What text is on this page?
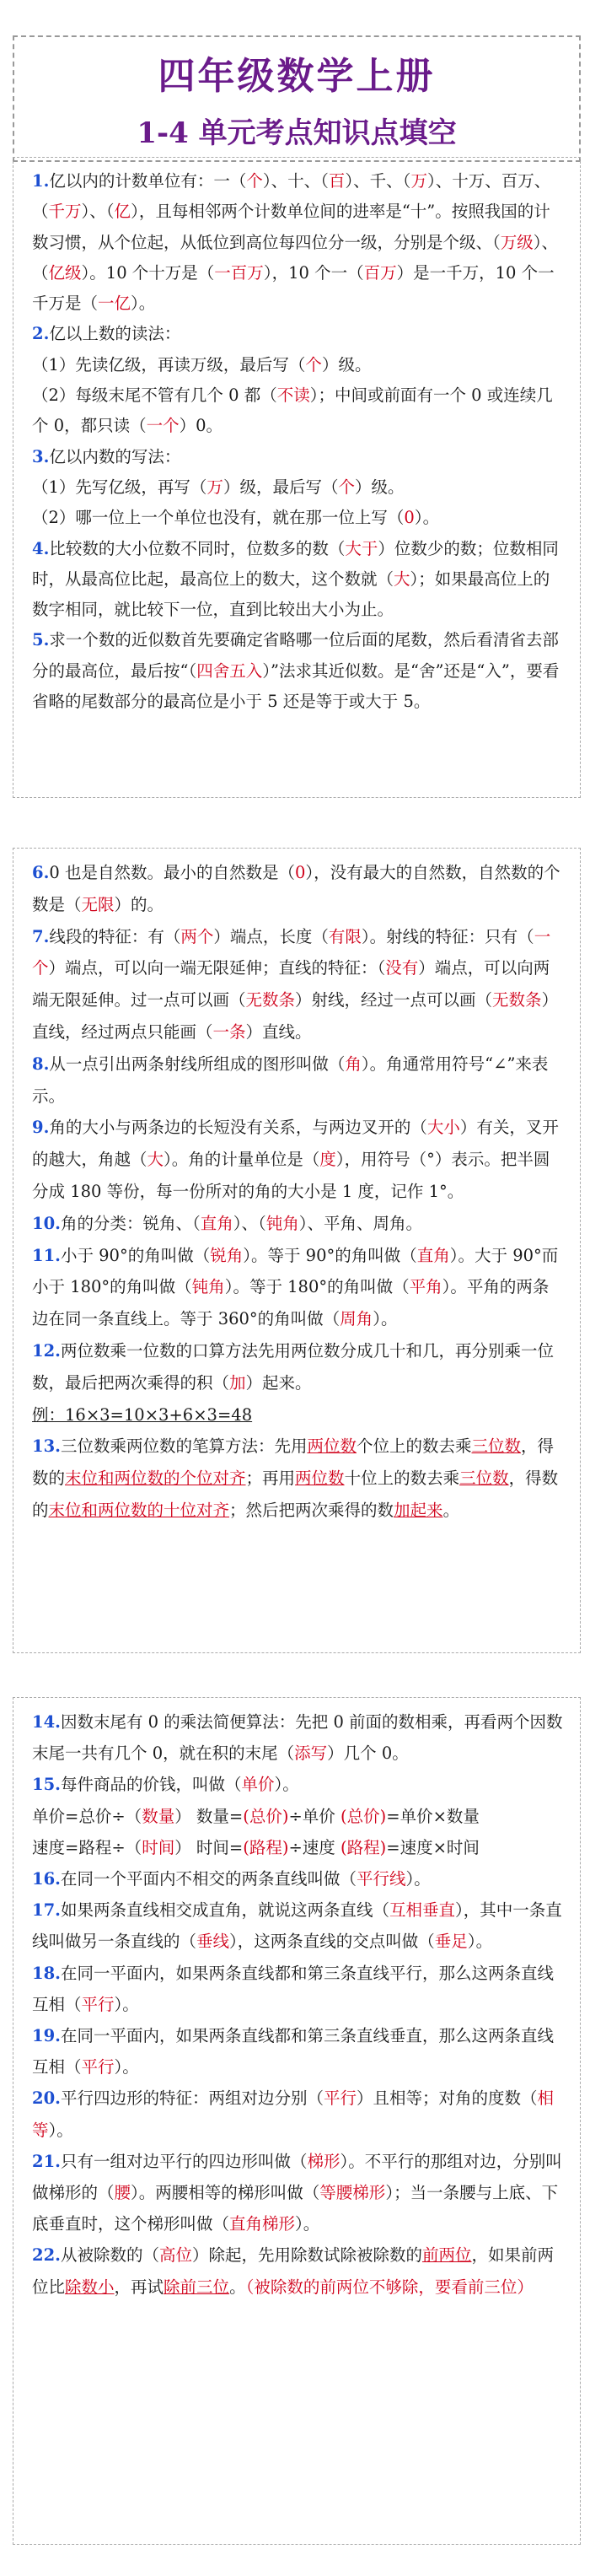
四年级数学上册
1-4 单元考点知识点填空

1.亿以内的计数单位有：一（个）、十、（百）、千、（万）、十万、百万、（千万）、（亿），且每相邻两个计数单位间的进率是“十”。按照我国的计数习惯，从个位起，从低位到高位每四位分一级，分别是个级、（万级）、（亿级）。10 个十万是（一百万），10 个一（百万）是一千万，10 个一千万是（一亿）。

2.亿以上数的读法：

（1）先读亿级，再读万级，最后写（个）级。

（2）每级末尾不管有几个 0 都（不读）；中间或前面有一个 0 或连续几个 0，都只读（一个）0。

3.亿以内数的写法：

（1）先写亿级，再写（万）级，最后写（个）级。

（2）哪一位上一个单位也没有，就在那一位上写（0）。

4.比较数的大小位数不同时，位数多的数（大于）位数少的数；位数相同时，从最高位比起，最高位上的数大，这个数就（大）；如果最高位上的数字相同，就比较下一位，直到比较出大小为止。

5.求一个数的近似数首先要确定省略哪一位后面的尾数，然后看清省去部分的最高位，最后按“（四舍五入）”法求其近似数。是“舍”还是“入”，要看省略的尾数部分的最高位是小于 5 还是等于或大于 5。

6.0 也是自然数。最小的自然数是（0），没有最大的自然数，自然数的个数是（无限）的。

7.线段的特征：有（两个）端点，长度（有限）。射线的特征：只有（一个）端点，可以向一端无限延伸；直线的特征：（没有）端点，可以向两端无限延伸。过一点可以画（无数条）射线，经过一点可以画（无数条）直线，经过两点只能画（一条）直线。

8.从一点引出两条射线所组成的图形叫做（角）。角通常用符号“∠”来表示。

9.角的大小与两条边的长短没有关系，与两边叉开的（大小）有关，叉开的越大，角越（大）。角的计量单位是（度），用符号（°）表示。把半圆分成 180 等份，每一份所对的角的大小是 1 度，记作 1°。

10.角的分类：锐角、（直角）、（钝角）、平角、周角。

11.小于 90°的角叫做（锐角）。等于 90°的角叫做（直角）。大于 90°而小于 180°的角叫做（钝角）。等于 180°的角叫做（平角）。平角的两条边在同一条直线上。等于 360°的角叫做（周角）。

12.两位数乘一位数的口算方法先用两位数分成几十和几，再分别乘一位数，最后把两次乘得的积（加）起来。

例：16×3=10×3+6×3=48

13.三位数乘两位数的笔算方法：先用两位数个位上的数去乘三位数，得数的末位和两位数的个位对齐；再用两位数十位上的数去乘三位数，得数的末位和两位数的十位对齐；然后把两次乘得的数加起来。

14.因数末尾有 0 的乘法简便算法：先把 0 前面的数相乘，再看两个因数末尾一共有几个 0，就在积的末尾（添写）几个 0。

15.每件商品的价钱，叫做（单价）。

单价=总价÷（数量） 数量=(总价)÷单价 (总价)=单价×数量

速度=路程÷（时间） 时间=(路程)÷速度 (路程)=速度×时间

16.在同一个平面内不相交的两条直线叫做（平行线）。

17.如果两条直线相交成直角，就说这两条直线（互相垂直），其中一条直线叫做另一条直线的（垂线），这两条直线的交点叫做（垂足）。

18.在同一平面内，如果两条直线都和第三条直线平行，那么这两条直线互相（平行）。

19.在同一平面内，如果两条直线都和第三条直线垂直，那么这两条直线互相（平行）。

20.平行四边形的特征：两组对边分别（平行）且相等；对角的度数（相等）。

21.只有一组对边平行的四边形叫做（梯形）。不平行的那组对边，分别叫做梯形的（腰）。两腰相等的梯形叫做（等腰梯形）；当一条腰与上底、下底垂直时，这个梯形叫做（直角梯形）。

22.从被除数的（高位）除起，先用除数试除被除数的前两位，如果前两位比除数小，再试除前三位。（被除数的前两位不够除，要看前三位）
